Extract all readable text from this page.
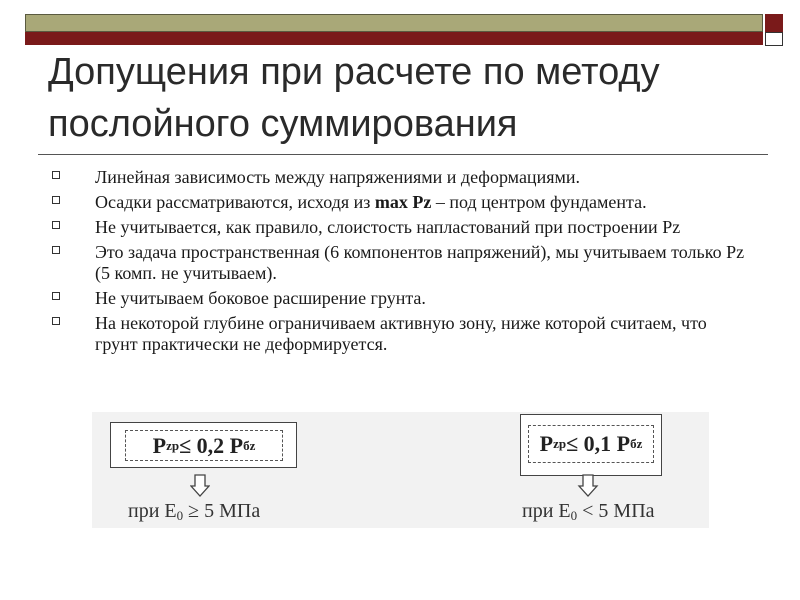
Допущения при расчете по методу послойного суммирования
Линейная зависимость между напряжениями и деформациями.
Осадки рассматриваются, исходя из max Pz – под центром фундамента.
Не учитывается, как правило, слоистость напластований при построении Pz
Это задача пространственная (6 компонентов напряжений), мы учитываем только Pz (5 комп. не учитываем).
Не учитываем боковое расширение грунта.
На некоторой глубине ограничиваем активную зону, ниже которой считаем, что грунт практически не деформируется.
P zp ≤ 0,2 P бz
при $E_0 \ge 5$ МПа
P zp ≤ 0,1 P бz
при $E_0 < 5$ МПа
